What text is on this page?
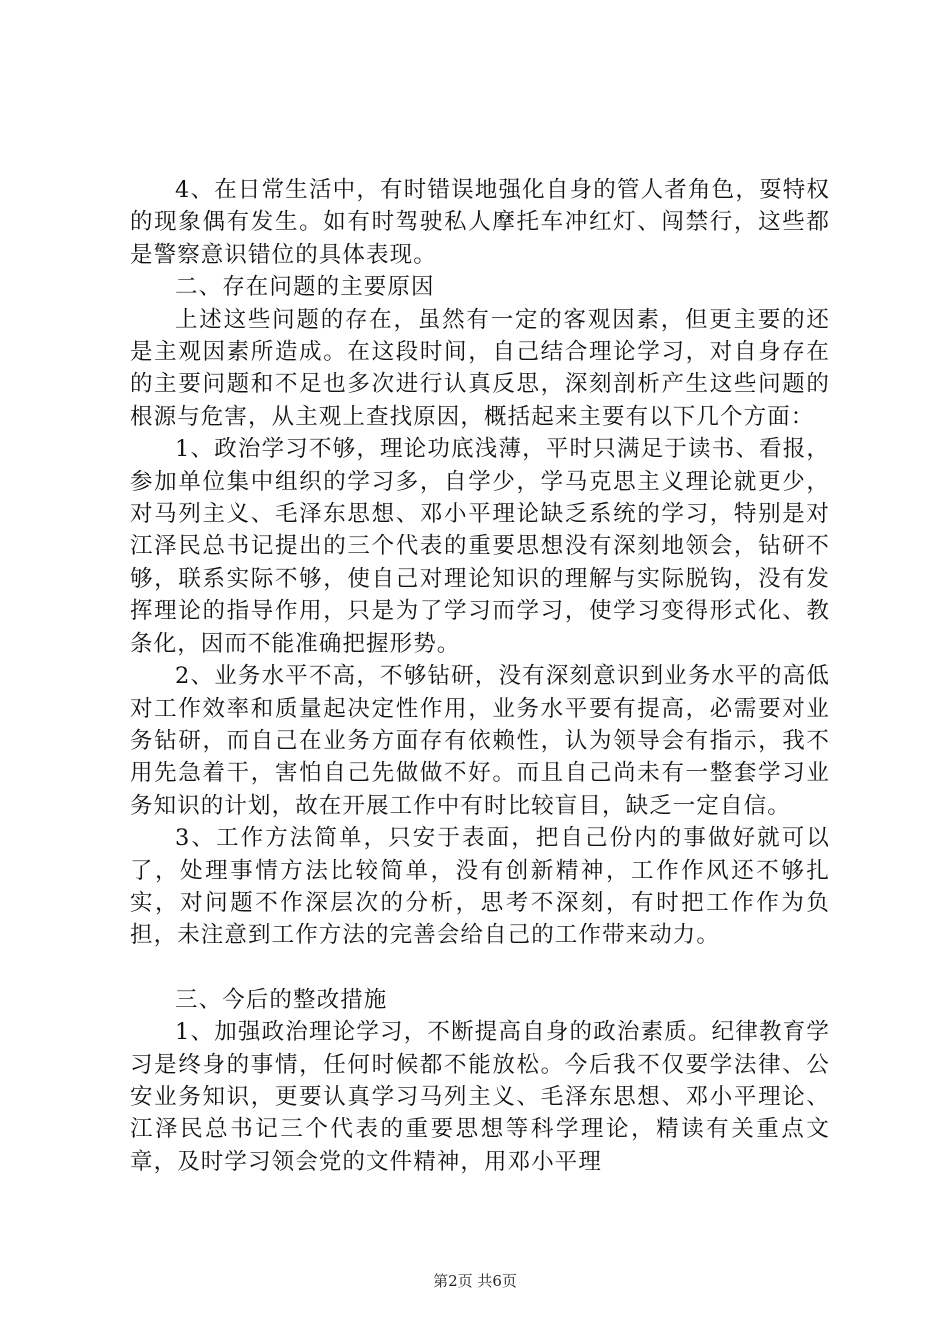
4、在日常生活中，有时错误地强化自身的管人者角色，耍特权的现象偶有发生。如有时驾驶私人摩托车冲红灯、闯禁行，这些都是警察意识错位的具体表现。

二、存在问题的主要原因

上述这些问题的存在，虽然有一定的客观因素，但更主要的还是主观因素所造成。在这段时间，自己结合理论学习，对自身存在的主要问题和不足也多次进行认真反思，深刻剖析产生这些问题的根源与危害，从主观上查找原因，概括起来主要有以下几个方面：

1、政治学习不够，理论功底浅薄，平时只满足于读书、看报，参加单位集中组织的学习多，自学少，学马克思主义理论就更少，对马列主义、毛泽东思想、邓小平理论缺乏系统的学习，特别是对江泽民总书记提出的三个代表的重要思想没有深刻地领会，钻研不够，联系实际不够，使自己对理论知识的理解与实际脱钩，没有发挥理论的指导作用，只是为了学习而学习，使学习变得形式化、教条化，因而不能准确把握形势。

2、业务水平不高，不够钻研，没有深刻意识到业务水平的高低对工作效率和质量起决定性作用，业务水平要有提高，必需要对业务钻研，而自己在业务方面存有依赖性，认为领导会有指示，我不用先急着干，害怕自己先做做不好。而且自己尚未有一整套学习业务知识的计划，故在开展工作中有时比较盲目，缺乏一定自信。

3、工作方法简单，只安于表面，把自己份内的事做好就可以了，处理事情方法比较简单，没有创新精神，工作作风还不够扎实，对问题不作深层次的分析，思考不深刻，有时把工作作为负担，未注意到工作方法的完善会给自己的工作带来动力。

三、今后的整改措施

1、加强政治理论学习，不断提高自身的政治素质。纪律教育学习是终身的事情，任何时候都不能放松。今后我不仅要学法律、公安业务知识，更要认真学习马列主义、毛泽东思想、邓小平理论、江泽民总书记三个代表的重要思想等科学理论，精读有关重点文章，及时学习领会党的文件精神，用邓小平理

第2页 共6页
